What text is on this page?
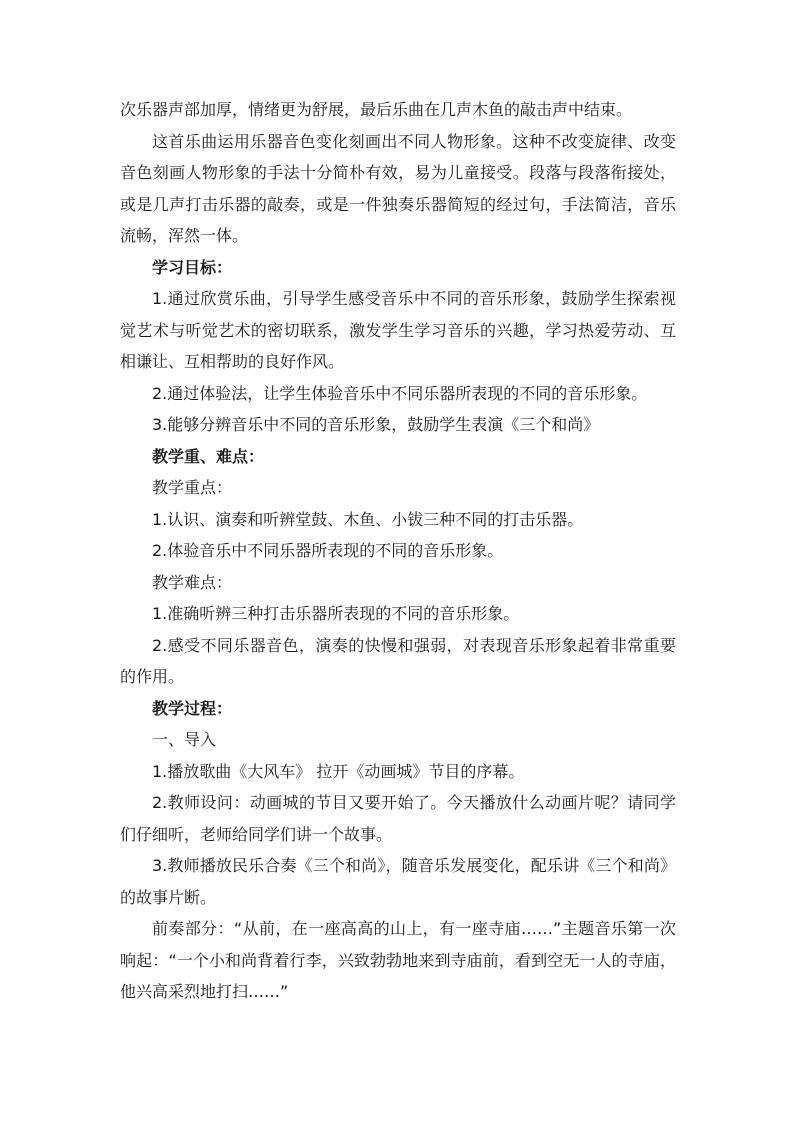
次乐器声部加厚，情绪更为舒展，最后乐曲在几声木鱼的敲击声中结束。

这首乐曲运用乐器音色变化刻画出不同人物形象。这种不改变旋律、改变音色刻画人物形象的手法十分简朴有效，易为儿童接受。段落与段落衔接处，或是几声打击乐器的敲奏，或是一件独奏乐器简短的经过句，手法简洁，音乐流畅，浑然一体。

学习目标：

1.通过欣赏乐曲，引导学生感受音乐中不同的音乐形象，鼓励学生探索视觉艺术与听觉艺术的密切联系，激发学生学习音乐的兴趣，学习热爱劳动、互相谦让、互相帮助的良好作风。

2.通过体验法，让学生体验音乐中不同乐器所表现的不同的音乐形象。

3.能够分辨音乐中不同的音乐形象，鼓励学生表演《三个和尚》

教学重、难点：

教学重点：

1.认识、演奏和听辨堂鼓、木鱼、小钹三种不同的打击乐器。

2.体验音乐中不同乐器所表现的不同的音乐形象。

教学难点：

1.准确听辨三种打击乐器所表现的不同的音乐形象。

2.感受不同乐器音色，演奏的快慢和强弱，对表现音乐形象起着非常重要的作用。

教学过程：

一、导入

1.播放歌曲《大风车》 拉开《动画城》节目的序幕。

2.教师设问：动画城的节目又要开始了。今天播放什么动画片呢？请同学们仔细听，老师给同学们讲一个故事。

3.教师播放民乐合奏《三个和尚》，随音乐发展变化，配乐讲《三个和尚》的故事片断。

前奏部分：“从前，在一座高高的山上，有一座寺庙……”主题音乐第一次响起：“一个小和尚背着行李，兴致勃勃地来到寺庙前，看到空无一人的寺庙，他兴高采烈地打扫……”
